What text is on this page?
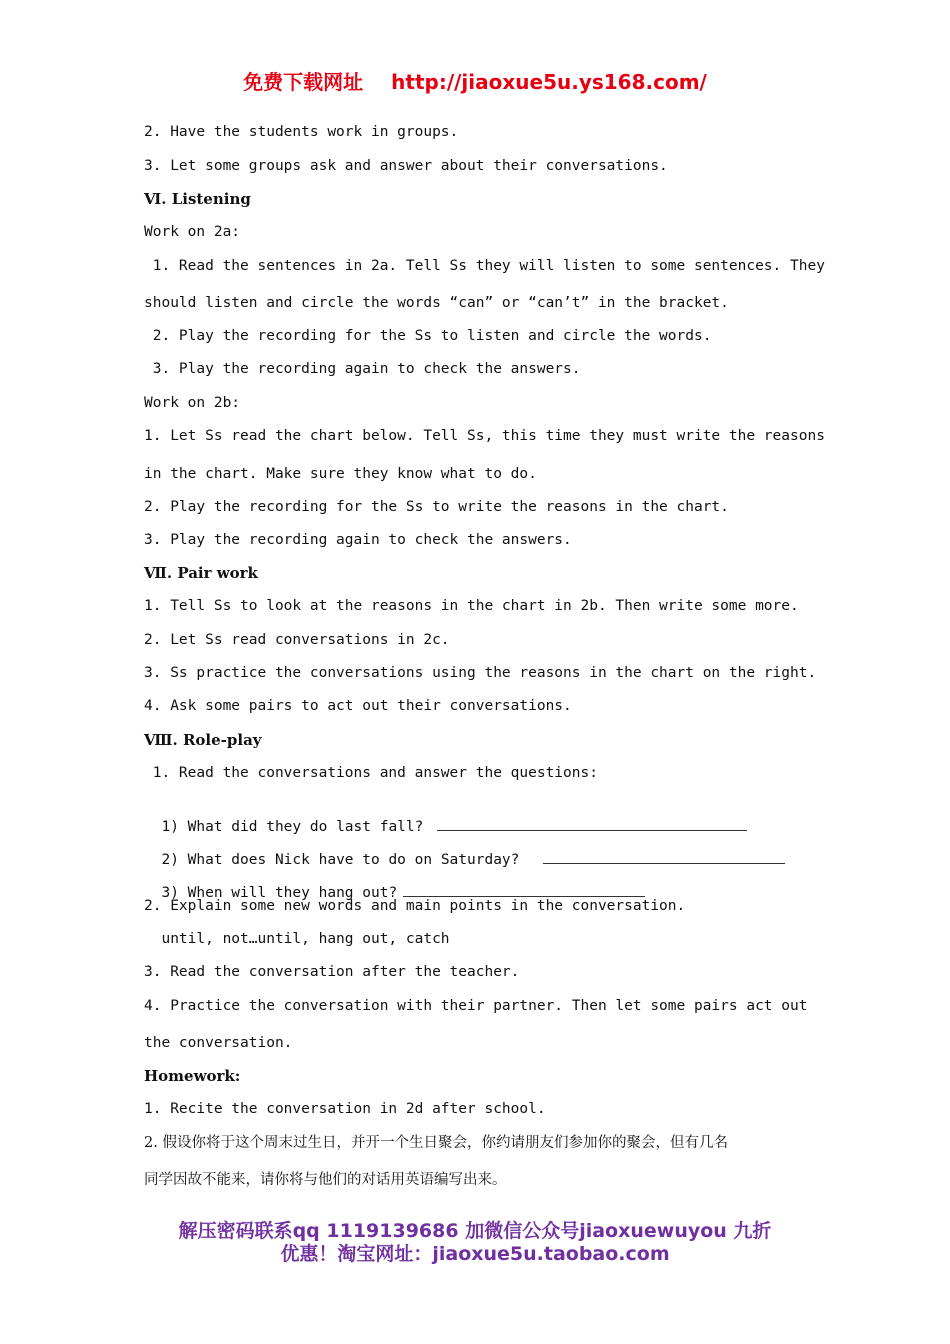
免费下载网址 http://jiaoxue5u.ys168.com/
2. Have the students work in groups.
3. Let some groups ask and answer about their conversations.
Ⅵ. Listening
Work on 2a:
1. Read the sentences in 2a. Tell Ss they will listen to some sentences. They
should listen and circle the words “can” or “can’t” in the bracket.
2. Play the recording for the Ss to listen and circle the words.
3. Play the recording again to check the answers.
Work on 2b:
1. Let Ss read the chart below. Tell Ss, this time they must write the reasons
in the chart. Make sure they know what to do.
2. Play the recording for the Ss to write the reasons in the chart.
3. Play the recording again to check the answers.
Ⅶ. Pair work
1. Tell Ss to look at the reasons in the chart in 2b. Then write some more.
2. Let Ss read conversations in 2c.
3. Ss practice the conversations using the reasons in the chart on the right.
4. Ask some pairs to act out their conversations.
Ⅷ. Role-play
1. Read the conversations and answer the questions:

1) What did they do last fall?

2) What does Nick have to do on Saturday?

3) When will they hang out?

2. Explain some new words and main points in the conversation.
until, not…until, hang out, catch
3. Read the conversation after the teacher.
4. Practice the conversation with their partner. Then let some pairs act out
the conversation.
Homework:
1. Recite the conversation in 2d after school.
2. 假设你将于这个周末过生日，并开一个生日聚会，你约请朋友们参加你的聚会，但有几名
同学因故不能来，请你将与他们的对话用英语编写出来。
解压密码联系qq 1119139686 加微信公众号jiaoxuewuyou 九折
优惠！淘宝网址：jiaoxue5u.taobao.com
